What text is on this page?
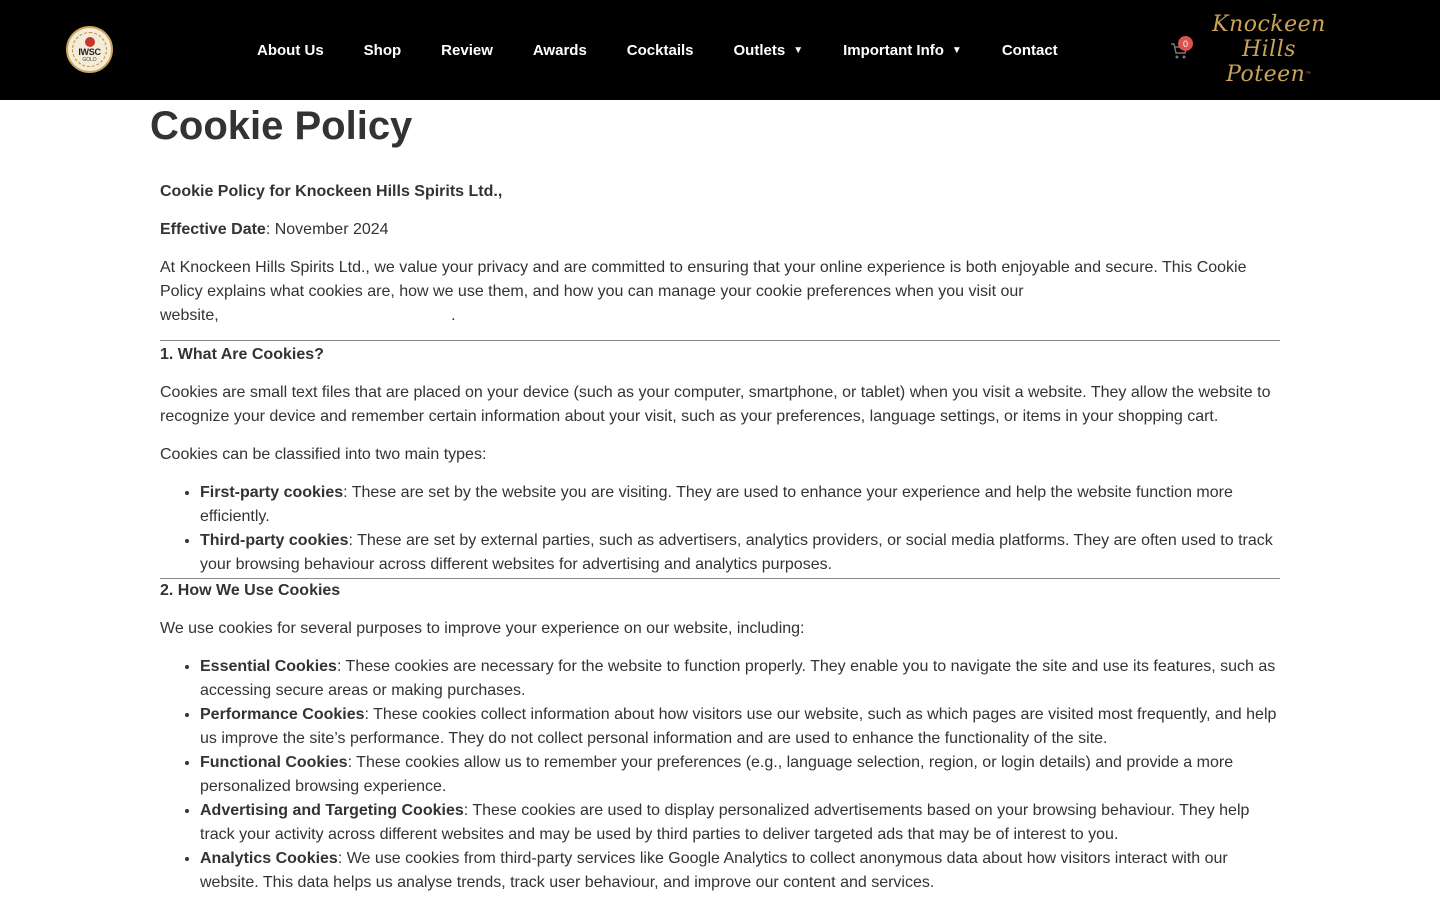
IWSC
GOLD
About Us	Shop	Review	Awards	Cocktails	Outlets ▼	Important Info ▼	Contact	0
Knockeen
Hills
Poteen™
Cookie Policy

Cookie Policy for Knockeen Hills Spirits Ltd.,

Effective Date: November 2024

At Knockeen Hills Spirits Ltd., we value your privacy and are committed to ensuring that your online experience is both enjoyable and secure. This Cookie Policy explains what cookies are, how we use them, and how you can manage your cookie preferences when you visit our
website,	.

1. What Are Cookies?

Cookies are small text files that are placed on your device (such as your computer, smartphone, or tablet) when you visit a website. They allow the website to recognize your device and remember certain information about your visit, such as your preferences, language settings, or items in your shopping cart.

Cookies can be classified into two main types:

• First-party cookies: These are set by the website you are visiting. They are used to enhance your experience and help the website function more efficiently.
• Third-party cookies: These are set by external parties, such as advertisers, analytics providers, or social media platforms. They are often used to track your browsing behaviour across different websites for advertising and analytics purposes.

2. How We Use Cookies

We use cookies for several purposes to improve your experience on our website, including:

• Essential Cookies: These cookies are necessary for the website to function properly. They enable you to navigate the site and use its features, such as accessing secure areas or making purchases.
• Performance Cookies: These cookies collect information about how visitors use our website, such as which pages are visited most frequently, and help us improve the site’s performance. They do not collect personal information and are used to enhance the functionality of the site.
• Functional Cookies: These cookies allow us to remember your preferences (e.g., language selection, region, or login details) and provide a more personalized browsing experience.
• Advertising and Targeting Cookies: These cookies are used to display personalized advertisements based on your browsing behaviour. They help track your activity across different websites and may be used by third parties to deliver targeted ads that may be of interest to you.
• Analytics Cookies: We use cookies from third-party services like Google Analytics to collect anonymous data about how visitors interact with our website. This data helps us analyse trends, track user behaviour, and improve our content and services.
